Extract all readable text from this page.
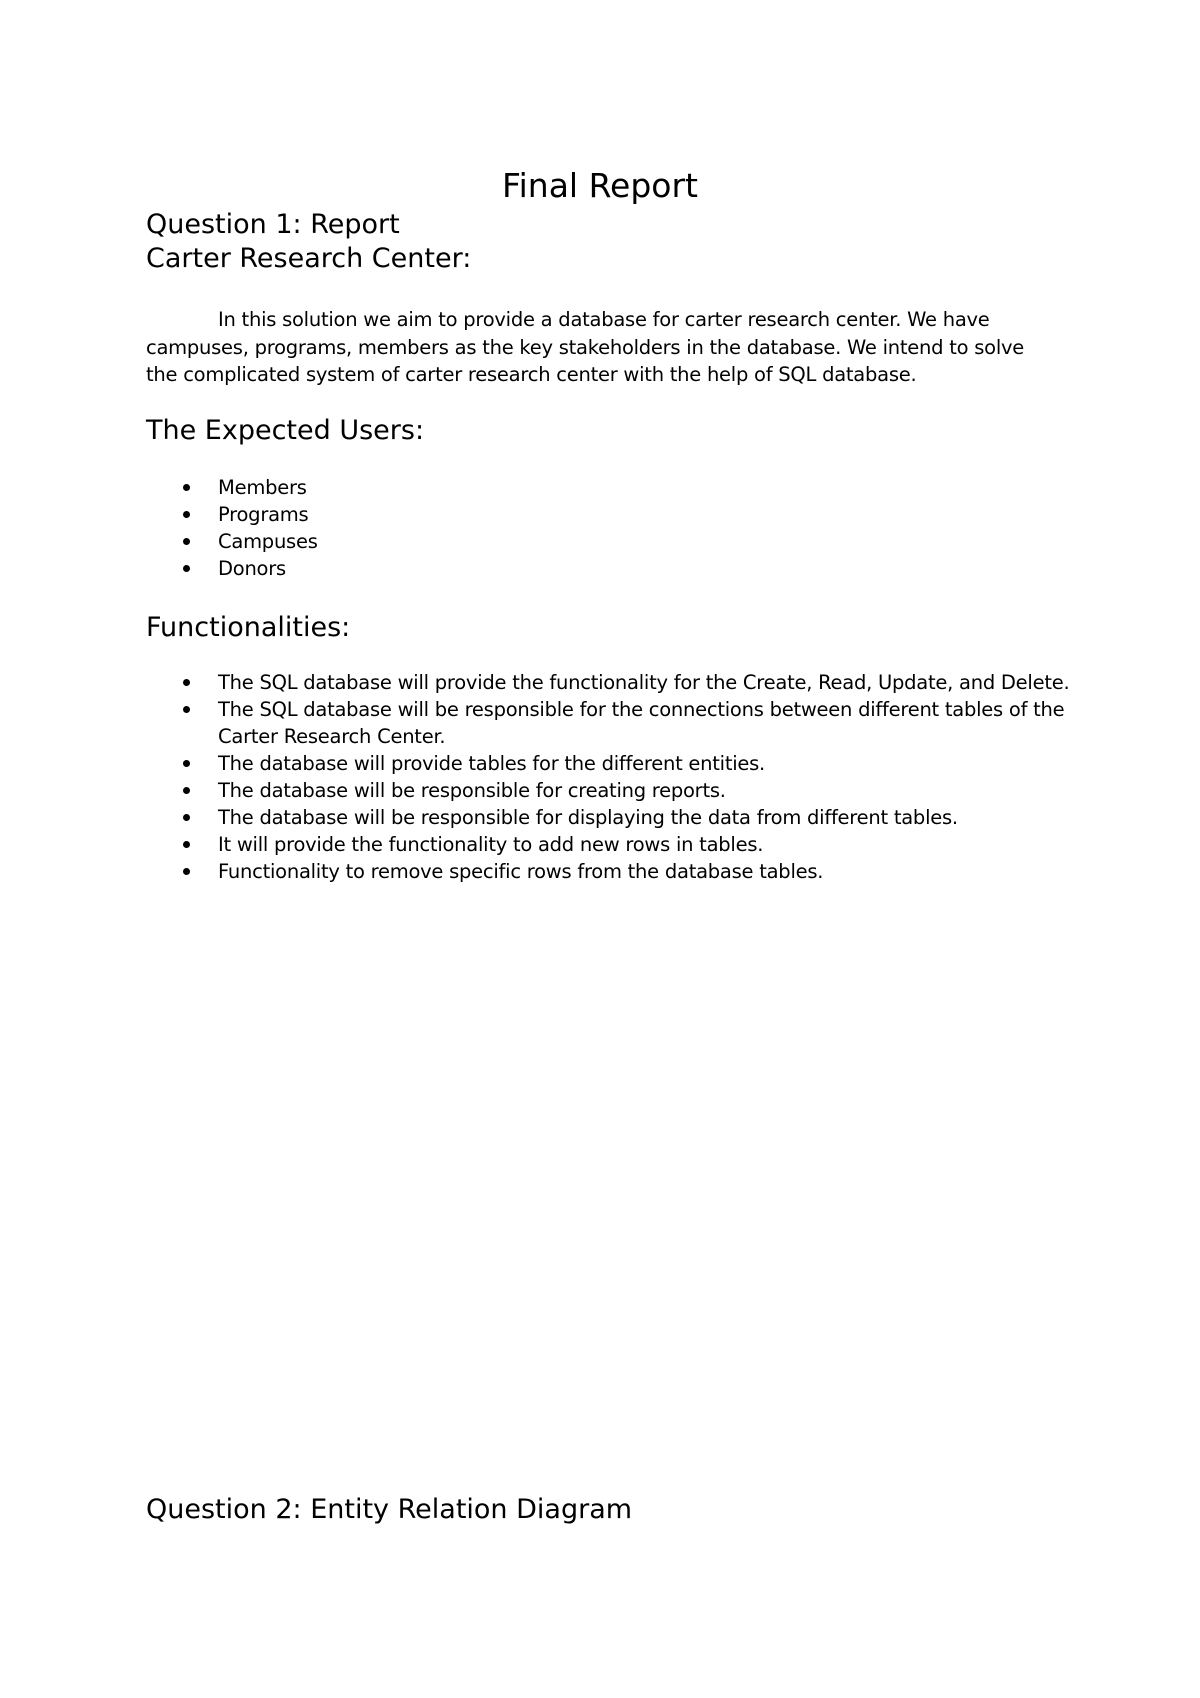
Final Report
Question 1: Report
Carter Research Center:

In this solution we aim to provide a database for carter research center. We have campuses, programs, members as the key stakeholders in the database. We intend to solve the complicated system of carter research center with the help of SQL database.

The Expected Users:
Members
Programs
Campuses
Donors
Functionalities:
The SQL database will provide the functionality for the Create, Read, Update, and Delete.
The SQL database will be responsible for the connections between different tables of the Carter Research Center.
The database will provide tables for the different entities.
The database will be responsible for creating reports.
The database will be responsible for displaying the data from different tables.
It will provide the functionality to add new rows in tables.
Functionality to remove specific rows from the database tables.
Question 2: Entity Relation Diagram
